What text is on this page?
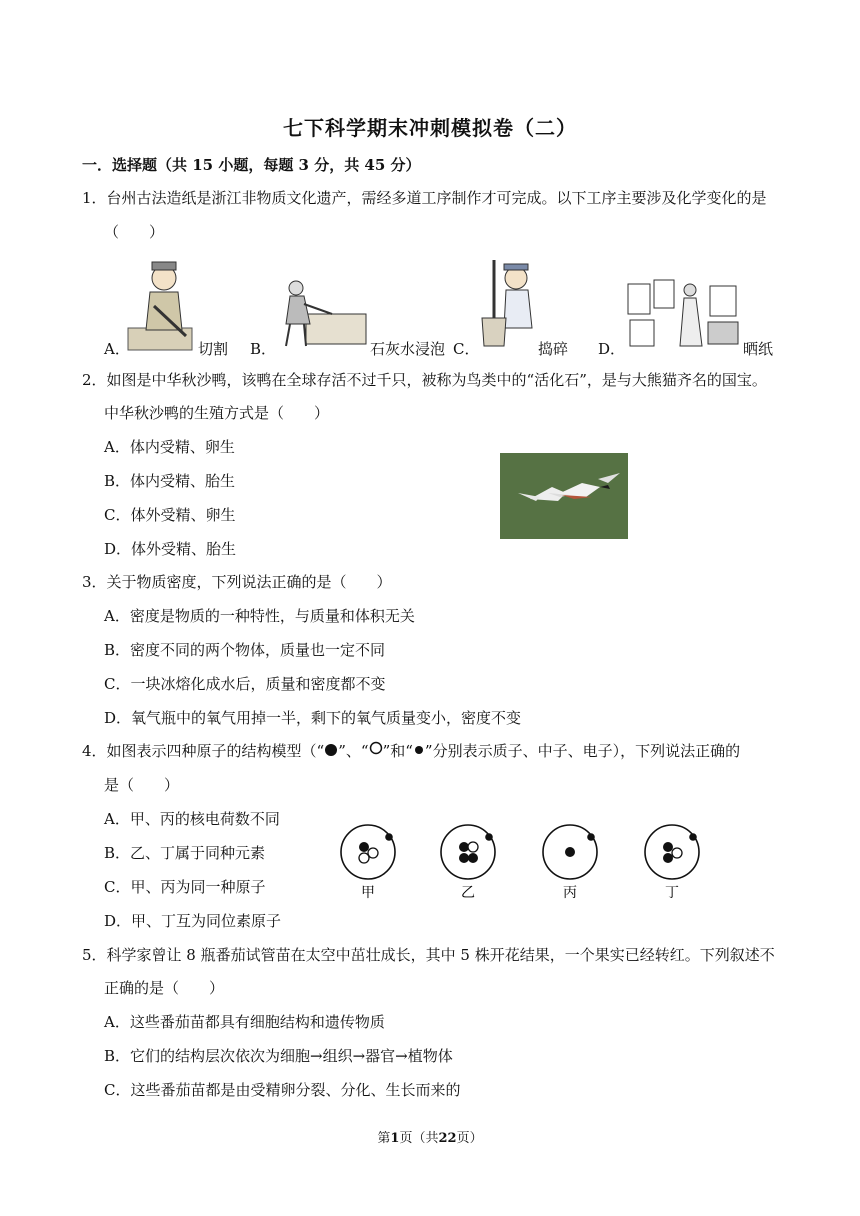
七下科学期末冲刺模拟卷（二）
一．选择题（共 15 小题，每题 3 分，共 45 分）
1．台州古法造纸是浙江非物质文化遗产，需经多道工序制作才可完成。以下工序主要涉及化学变化的是
（　　）
A．	切割 B．	石灰水浸泡 C．	捣碎 D．	晒纸
2．如图是中华秋沙鸭，该鸭在全球存活不过千只，被称为鸟类中的“活化石”，是与大熊猫齐名的国宝。
中华秋沙鸭的生殖方式是（　　）
A．体内受精、卵生
B．体内受精、胎生
C．体外受精、卵生
D．体外受精、胎生
3．关于物质密度，下列说法正确的是（　　）
A．密度是物质的一种特性，与质量和体积无关
B．密度不同的两个物体，质量也一定不同
C．一块冰熔化成水后，质量和密度都不变
D．氧气瓶中的氧气用掉一半，剩下的氧气质量变小，密度不变
4．如图表示四种原子的结构模型（“ ”、“ ”和“ ”分别表示质子、中子、电子），下列说法正确的
是（　　）
A．甲、丙的核电荷数不同
B．乙、丁属于同种元素
C．甲、丙为同一种原子
D．甲、丁互为同位素原子
甲	乙	丙	丁
5．科学家曾让 8 瓶番茄试管苗在太空中茁壮成长，其中 5 株开花结果，一个果实已经转红。下列叙述不
正确的是（　　）
A．这些番茄苗都具有细胞结构和遗传物质
B．它们的结构层次依次为细胞→组织→器官→植物体
C．这些番茄苗都是由受精卵分裂、分化、生长而来的
第1页（共22页）
